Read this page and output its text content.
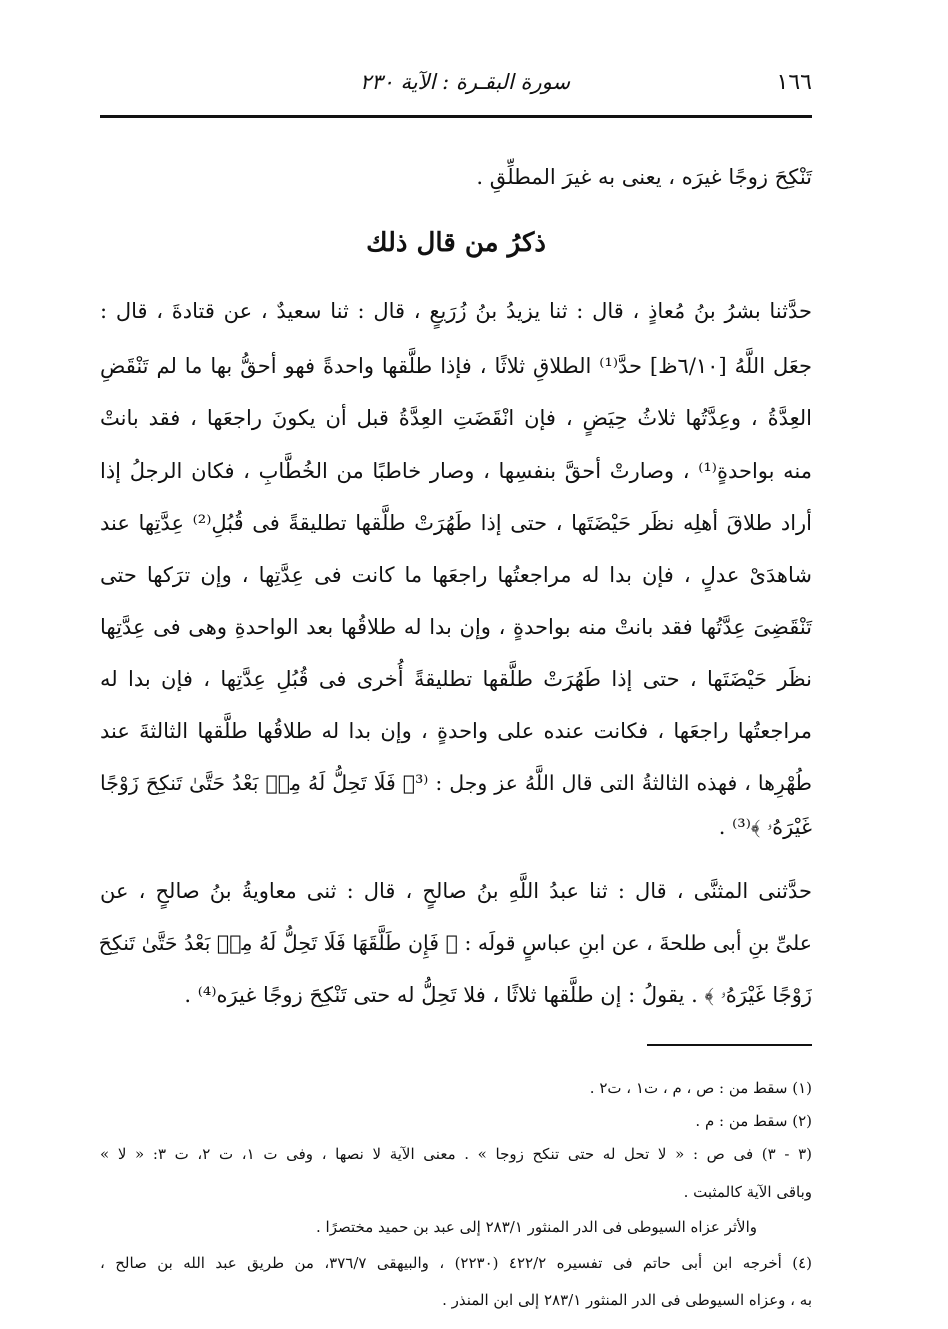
١٦٦
سورة البقـرة : الآية ٢٣٠
تَنْكِحَ زوجًا غيرَه ، يعنى به غيرَ المطلِّقِ .
ذكرُ من قال ذلك
حدَّثنا بشرُ بنُ مُعاذٍ ، قال : ثنا يزيدُ بنُ زُرَيعٍ ، قال : ثنا سعيدٌ ، عن قتادةَ ، قال :
جعَل اللَّهُ [٦/١٠ظ] حدَّ⁽¹⁾ الطلاقِ ثلاثًا ، فإذا طلَّقها واحدةً فهو أحقُّ بها ما لم تَنْقَضِ
العِدَّةُ ، وعِدَّتُها ثلاثُ حِيَضٍ ، فإن انْقَضَتِ العِدَّةُ قبل أن يكونَ راجعَها ، فقد بانتْ
منه بواحدةٍ⁽¹⁾ ، وصارتْ أحقَّ بنفسِها ، وصار خاطبًا من الخُطَّابِ ، فكان الرجلُ إذا
أراد طلاقَ أهلِه نظَر حَيْضَتَها ، حتى إذا طَهُرَتْ طلَّقها تطليقةً فى قُبُلِ⁽²⁾ عِدَّتِها عند
شاهدَىْ عدلٍ ، فإن بدا له مراجعتُها راجعَها ما كانت فى عِدَّتِها ، وإن ترَكها حتى
تَنْقَضِىَ عِدَّتُها فقد بانتْ منه بواحدةٍ ، وإن بدا له طلاقُها بعد الواحدةِ وهى فى عِدَّتِها
نظَر حَيْضَتَها ، حتى إذا طَهُرَتْ طلَّقها تطليقةً أُخرى فى قُبُلِ عِدَّتِها ، فإن بدا له
مراجعتُها راجعَها ، فكانت عنده على واحدةٍ ، وإن بدا له طلاقُها طلَّقها الثالثةَ عند
طُهْرِها ، فهذه الثالثةُ التى قال اللَّهُ عز وجل : ⁽³﴿ فَلَا تَحِلُّ لَهُ مِنۢ بَعْدُ حَتَّىٰ تَنكِحَ زَوْجًا
غَيْرَهُۥ ﴾⁽³⁾ .
حدَّثنى المثنَّى ، قال : ثنا عبدُ اللَّهِ بنُ صالحٍ ، قال : ثنى معاويةُ بنُ صالحٍ ، عن
علىِّ بنِ أبى طلحةَ ، عن ابنِ عباسٍ قولَه : ﴿ فَإِن طَلَّقَهَا فَلَا تَحِلُّ لَهُ مِنۢ بَعْدُ حَتَّىٰ تَنكِحَ
زَوْجًا غَيْرَهُۥ ﴾ . يقولُ : إن طلَّقها ثلاثًا ، فلا تَحِلُّ له حتى تَنْكِحَ زوجًا غيرَه⁽⁴⁾ .
(١) سقط من : ص ، م ، ت١ ، ت٢ .
(٢) سقط من : م .
(٣ - ٣) فى ص : « لا تحل له حتى تنكح زوجا » . معنى الآية لا نصها ، وفى ت ١، ت ٢، ت ٣: « لا »
وباقى الآية كالمثبت .
والأثر عزاه السيوطى فى الدر المنثور ٢٨٣/١ إلى عبد بن حميد مختصرًا .
(٤) أخرجه ابن أبى حاتم فى تفسيره ٤٢٢/٢ (٢٢٣٠) ، والبيهقى ٣٧٦/٧، من طريق عبد الله بن صالح ،
به ، وعزاه السيوطى فى الدر المنثور ٢٨٣/١ إلى ابن المنذر .
